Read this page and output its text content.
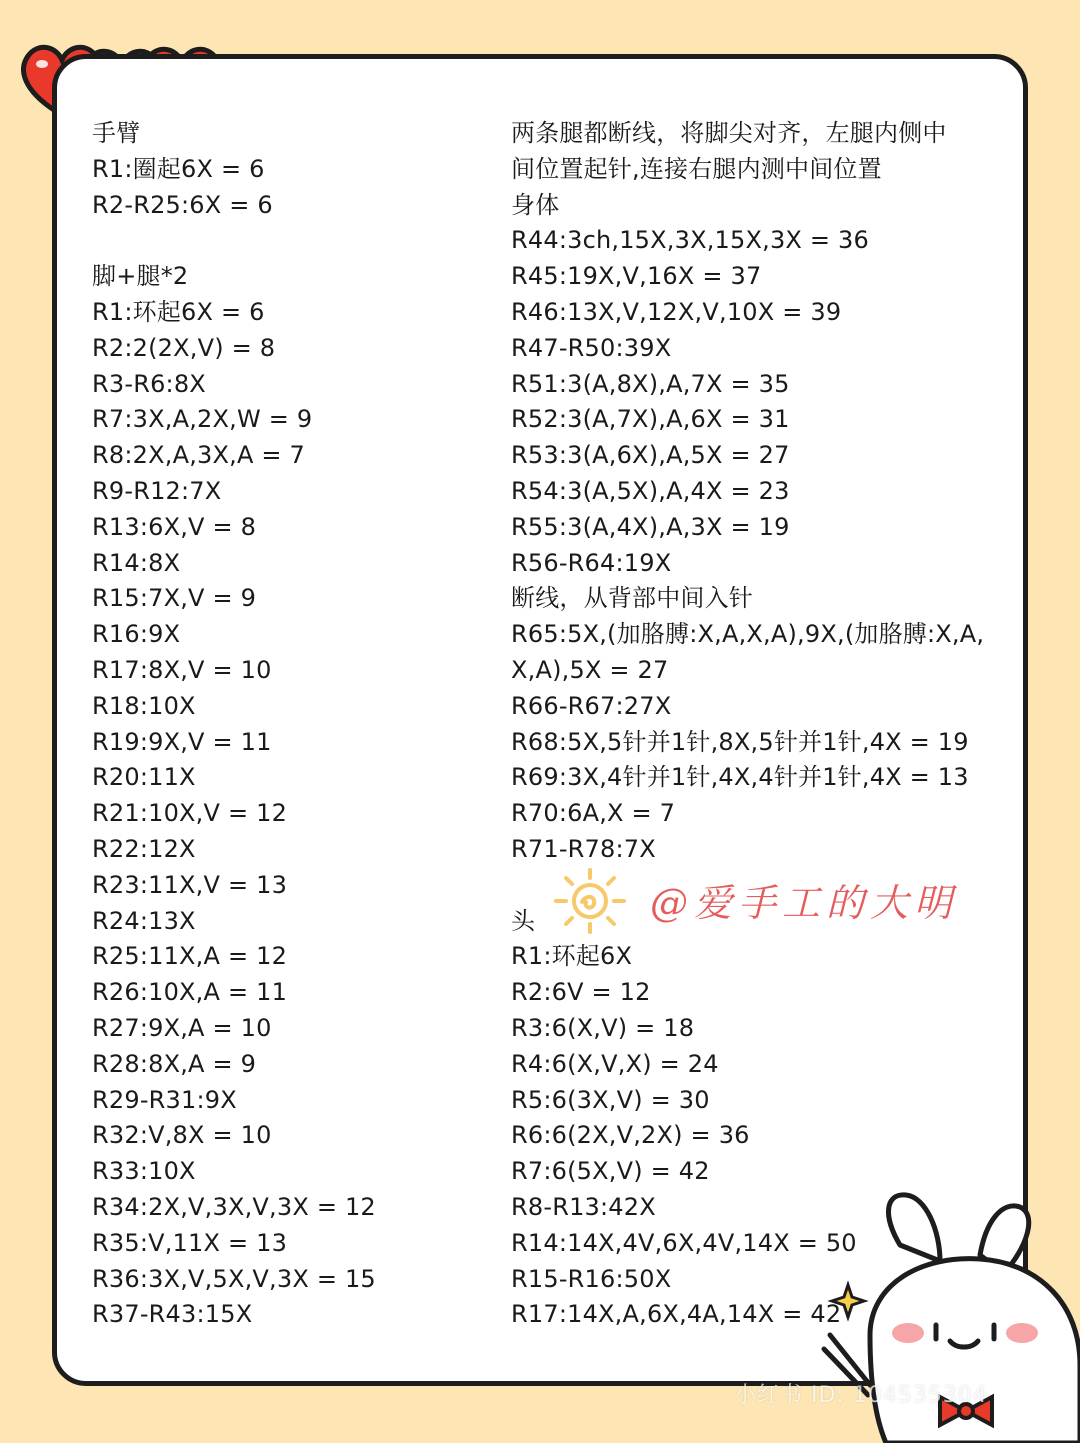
手臂
R1:圈起6X = 6
R2-R25:6X = 6
脚+腿*2
R1:环起6X = 6
R2:2(2X,V) = 8
R3-R6:8X
R7:3X,A,2X,W = 9
R8:2X,A,3X,A = 7
R9-R12:7X
R13:6X,V = 8
R14:8X
R15:7X,V = 9
R16:9X
R17:8X,V = 10
R18:10X
R19:9X,V = 11
R20:11X
R21:10X,V = 12
R22:12X
R23:11X,V = 13
R24:13X
R25:11X,A = 12
R26:10X,A = 11
R27:9X,A = 10
R28:8X,A = 9
R29-R31:9X
R32:V,8X = 10
R33:10X
R34:2X,V,3X,V,3X = 12
R35:V,11X = 13
R36:3X,V,5X,V,3X = 15
R37-R43:15X
两条腿都断线，将脚尖对齐，左腿内侧中
间位置起针,连接右腿内测中间位置
身体
R44:3ch,15X,3X,15X,3X = 36
R45:19X,V,16X = 37
R46:13X,V,12X,V,10X = 39
R47-R50:39X
R51:3(A,8X),A,7X = 35
R52:3(A,7X),A,6X = 31
R53:3(A,6X),A,5X = 27
R54:3(A,5X),A,4X = 23
R55:3(A,4X),A,3X = 19
R56-R64:19X
断线，从背部中间入针
R65:5X,(加胳膊:X,A,X,A),9X,(加胳膊:X,A,
X,A),5X = 27
R66-R67:27X
R68:5X,5针并1针,8X,5针并1针,4X = 19
R69:3X,4针并1针,4X,4针并1针,4X = 13
R70:6A,X = 7
R71-R78:7X
头
R1:环起6X
R2:6V = 12
R3:6(X,V) = 18
R4:6(X,V,X) = 24
R5:6(3X,V) = 30
R6:6(2X,V,2X) = 36
R7:6(5X,V) = 42
R8-R13:42X
R14:14X,4V,6X,4V,14X = 50
R15-R16:50X
R17:14X,A,6X,4A,14X = 42
@爱手工的大明
小红书 ID: 104535304
